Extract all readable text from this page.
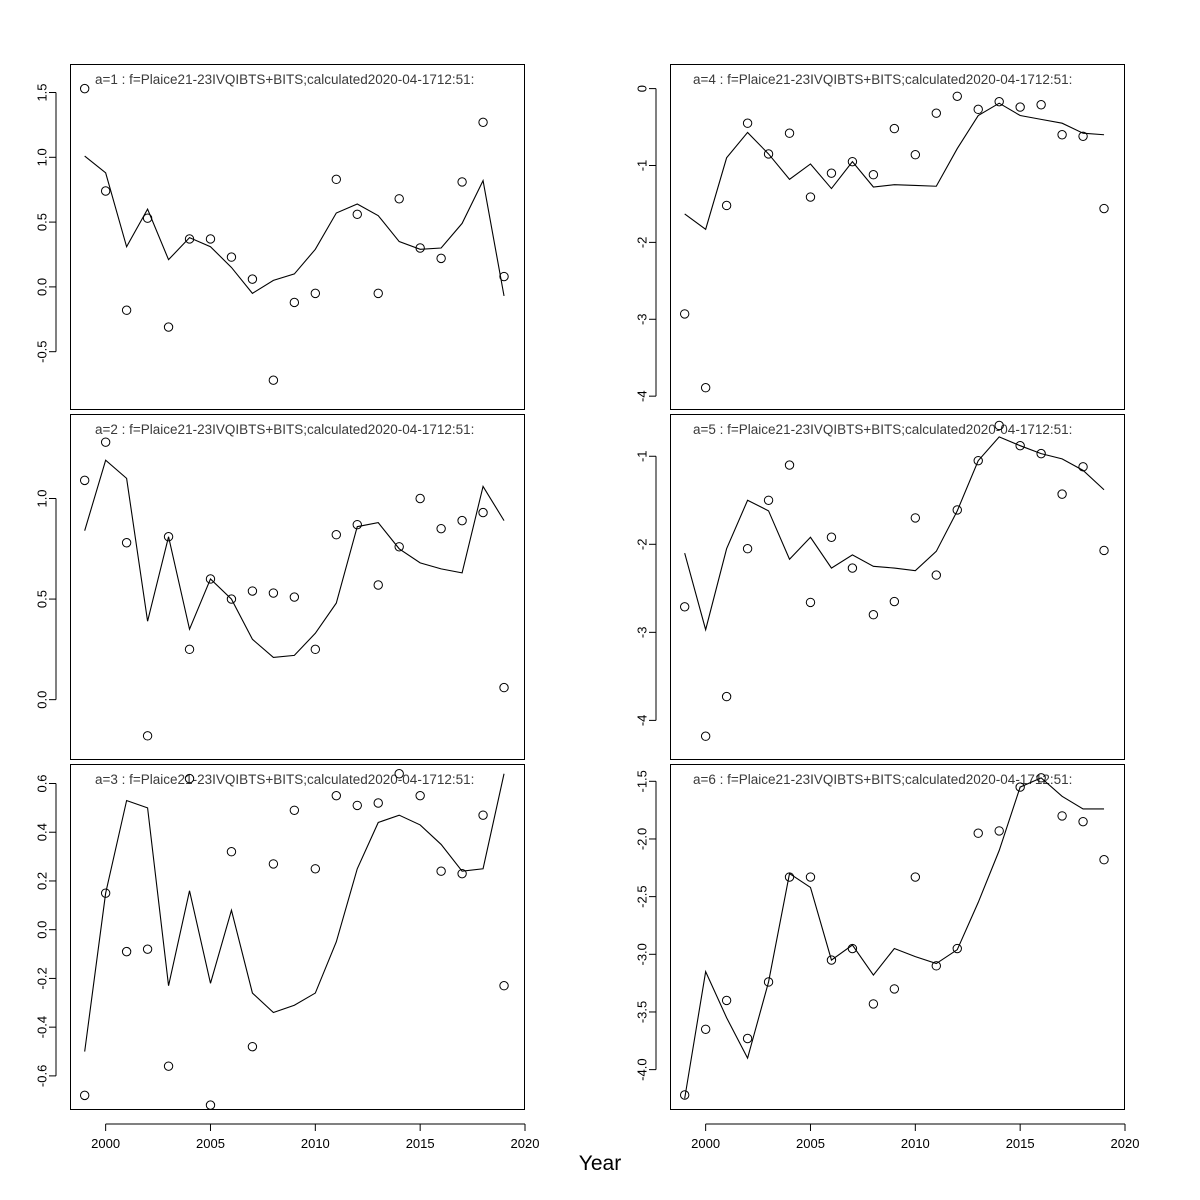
a=1 : f=Plaice21-23IVQIBTS+BITS;calculated2020-04-1712:51:
-0.5
0.0
0.5
1.0
1.5
a=4 : f=Plaice21-23IVQIBTS+BITS;calculated2020-04-1712:51:
-4
-3
-2
-1
0
a=2 : f=Plaice21-23IVQIBTS+BITS;calculated2020-04-1712:51:
0.0
0.5
1.0
a=5 : f=Plaice21-23IVQIBTS+BITS;calculated2020-04-1712:51:
-4
-3
-2
-1
a=3 : f=Plaice21-23IVQIBTS+BITS;calculated2020-04-1712:51:
-0.6
-0.4
-0.2
0.0
0.2
0.4
0.6
2000	2005	2010	2015	2020
a=6 : f=Plaice21-23IVQIBTS+BITS;calculated2020-04-1712:51:
-4.0
-3.5
-3.0
-2.5
-2.0
-1.5
2000	2005	2010	2015	2020
Year
